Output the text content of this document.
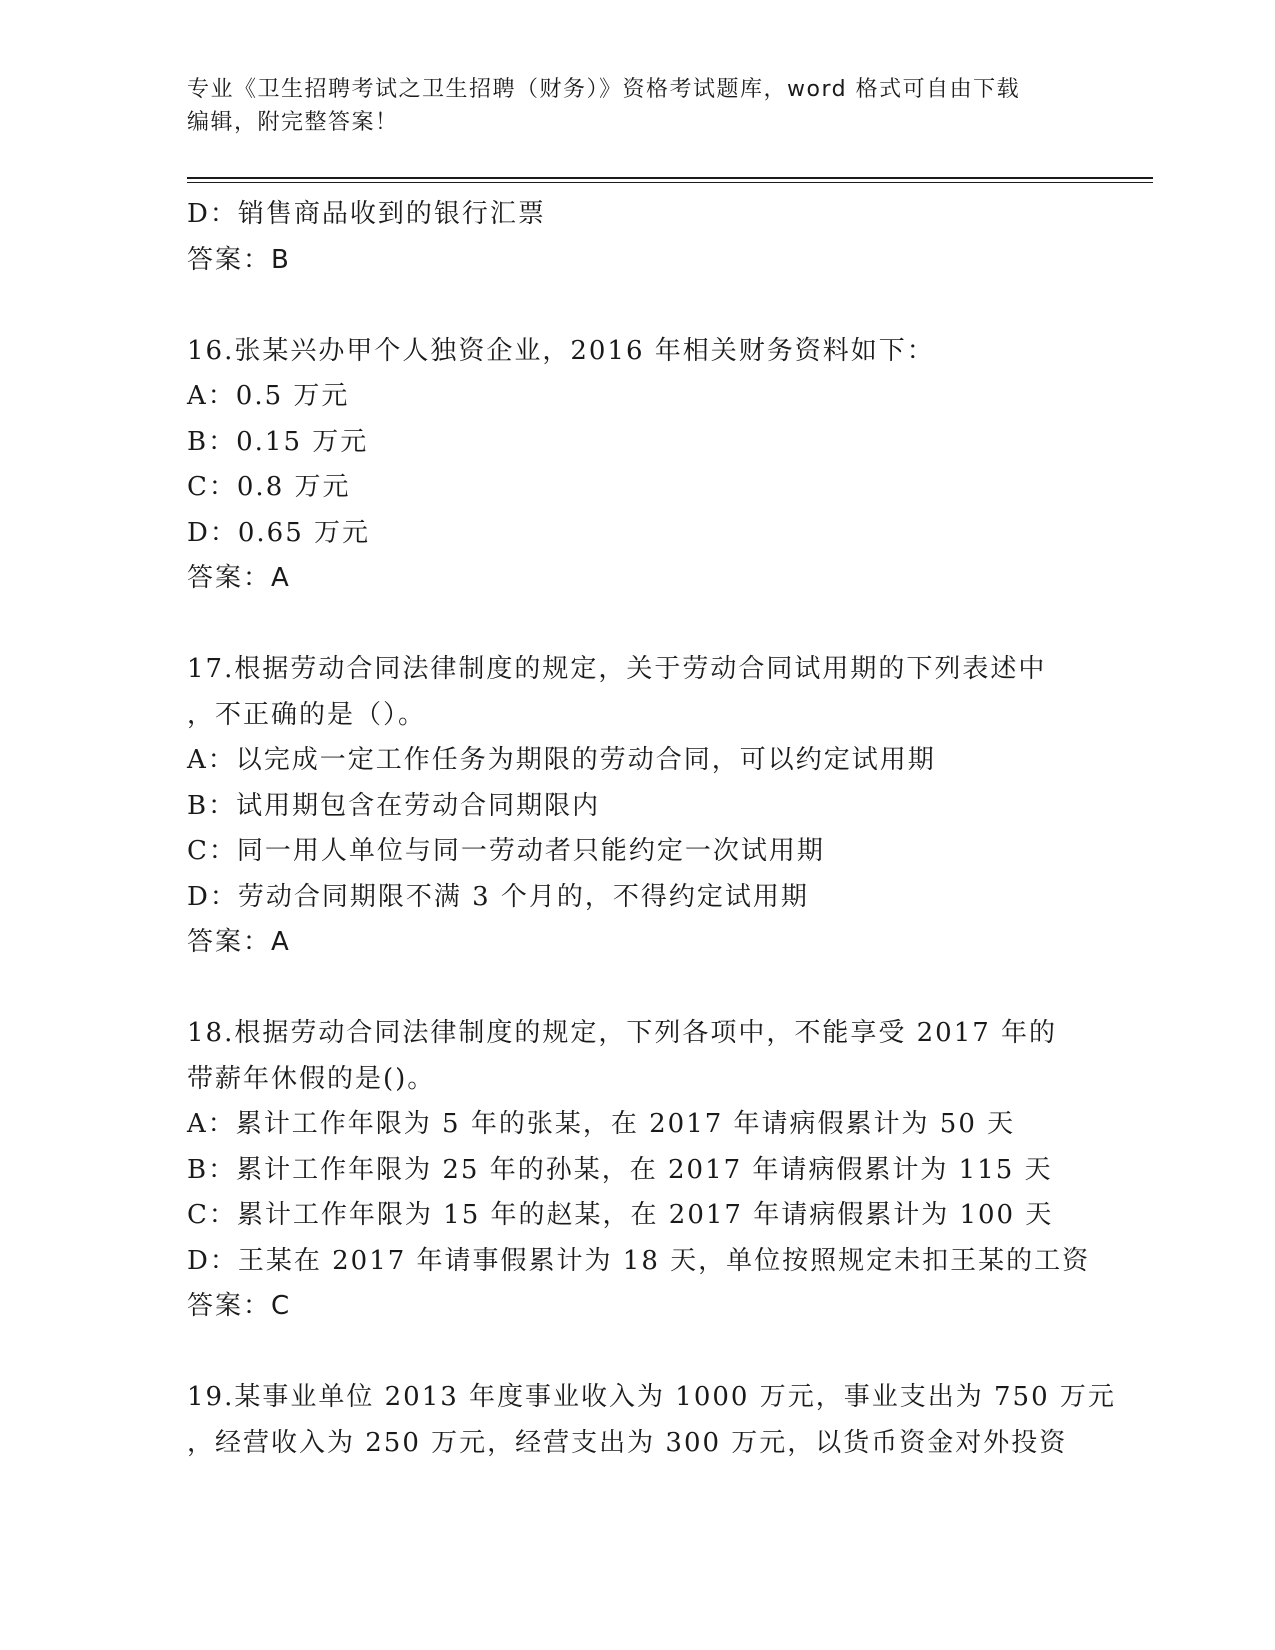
专业《卫生招聘考试之卫生招聘（财务）》资格考试题库，word 格式可自由下载
编辑，附完整答案！
D：销售商品收到的银行汇票
答案：B
16.张某兴办甲个人独资企业，2016 年相关财务资料如下：
A：0.5 万元
B：0.15 万元
C：0.8 万元
D：0.65 万元
答案：A
17.根据劳动合同法律制度的规定，关于劳动合同试用期的下列表述中
，不正确的是（）。
A：以完成一定工作任务为期限的劳动合同，可以约定试用期
B：试用期包含在劳动合同期限内
C：同一用人单位与同一劳动者只能约定一次试用期
D：劳动合同期限不满 3 个月的，不得约定试用期
答案：A
18.根据劳动合同法律制度的规定，下列各项中，不能享受 2017 年的
带薪年休假的是()。
A：累计工作年限为 5 年的张某，在 2017 年请病假累计为 50 天
B：累计工作年限为 25 年的孙某，在 2017 年请病假累计为 115 天
C：累计工作年限为 15 年的赵某，在 2017 年请病假累计为 100 天
D：王某在 2017 年请事假累计为 18 天，单位按照规定未扣王某的工资
答案：C
19.某事业单位 2013 年度事业收入为 1000 万元，事业支出为 750 万元
，经营收入为 250 万元，经营支出为 300 万元，以货币资金对外投资
